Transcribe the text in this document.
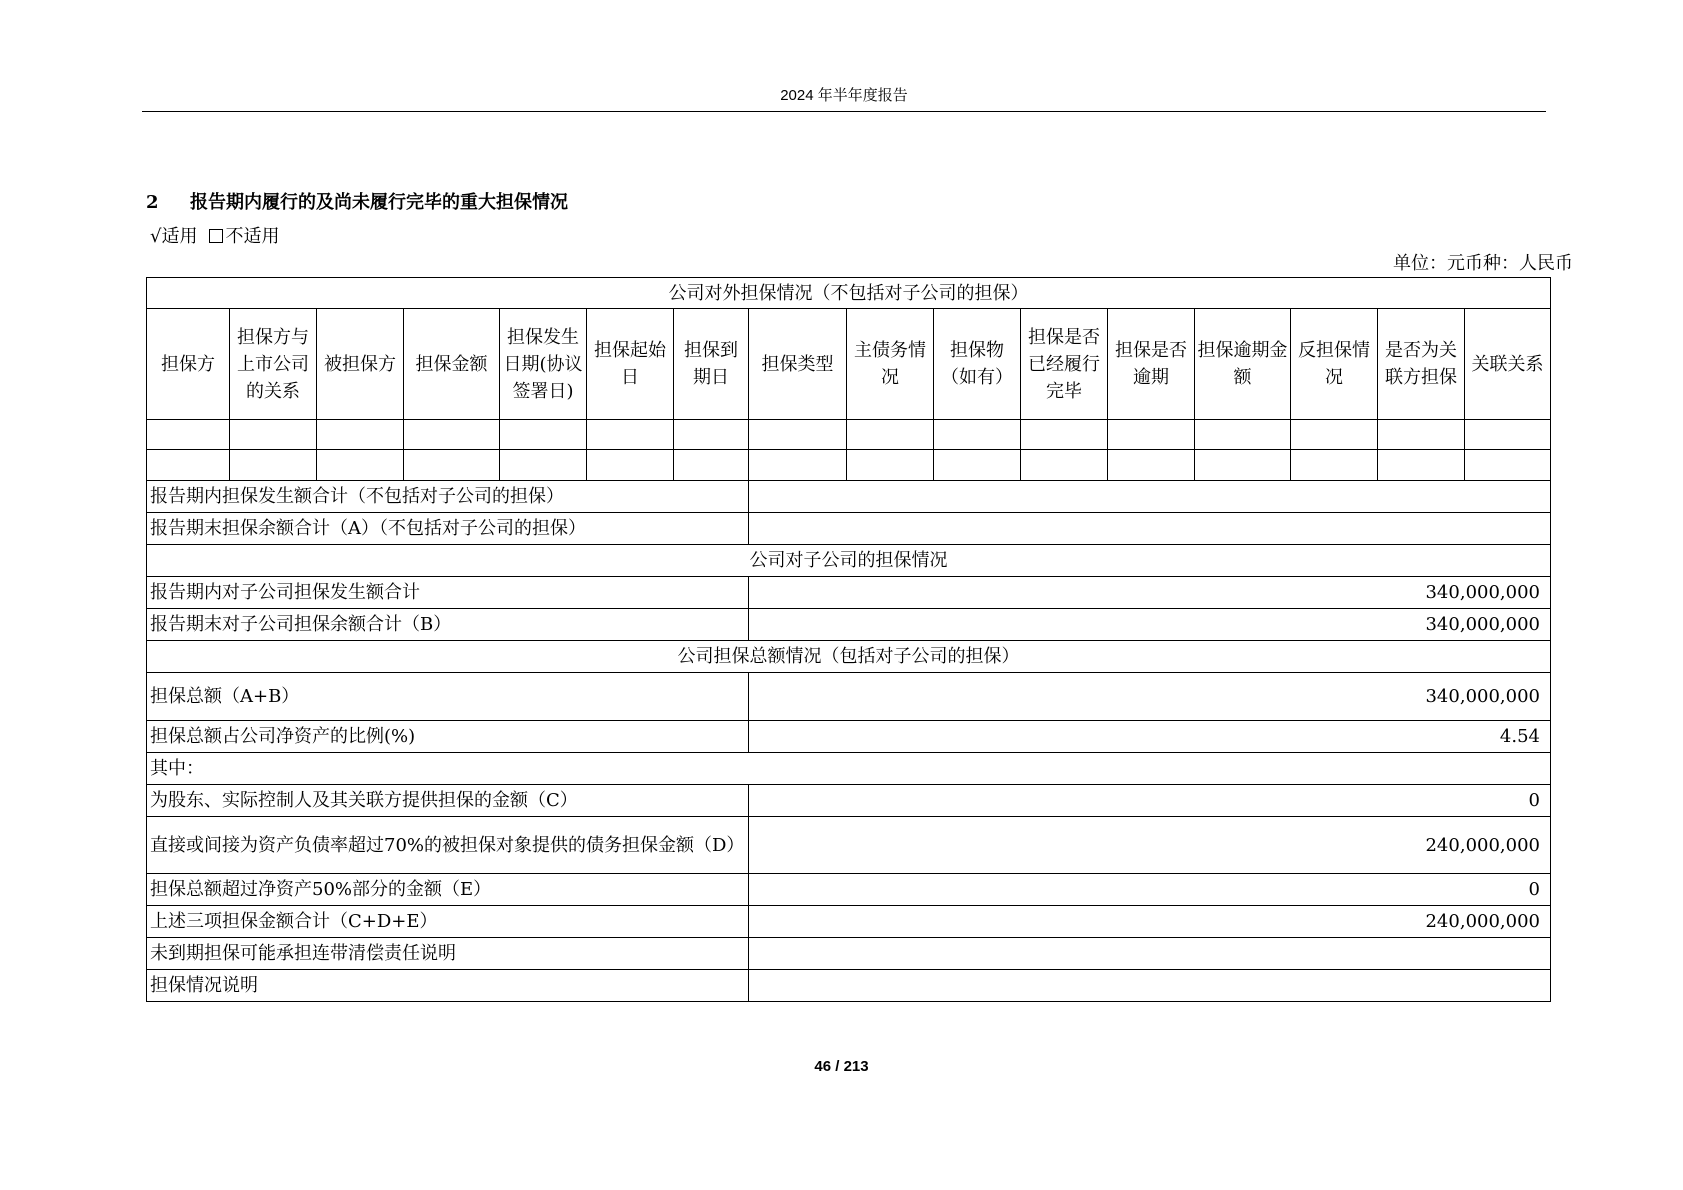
2024 年半年度报告
2 报告期内履行的及尚未履行完毕的重大担保情况
√适用 不适用
单位：元币种：人民币
公司对外担保情况（不包括对子公司的担保）															
担保方	担保方与上市公司的关系	被担保方	担保金额	担保发生日期(协议签署日)	担保起始日	担保到期日	担保类型	主债务情况	担保物（如有）	担保是否已经履行完毕	担保是否逾期	担保逾期金额	反担保情况	是否为关联方担保	关联关系

报告期内担保发生额合计（不包括对子公司的担保）															
报告期末担保余额合计（A）（不包括对子公司的担保）															
公司对子公司的担保情况															
报告期内对子公司担保发生额合计							340,000,000								
报告期末对子公司担保余额合计（B）							340,000,000								
公司担保总额情况（包括对子公司的担保）															
担保总额（A+B）							340,000,000								
担保总额占公司净资产的比例(%)							4.54								
其中：															
为股东、实际控制人及其关联方提供担保的金额（C）							0								
直接或间接为资产负债率超过70%的被担保对象提供的债务担保金额（D）							240,000,000								
担保总额超过净资产50%部分的金额（E）							0								
上述三项担保金额合计（C+D+E）							240,000,000								
未到期担保可能承担连带清偿责任说明															
担保情况说明															
46 / 213
